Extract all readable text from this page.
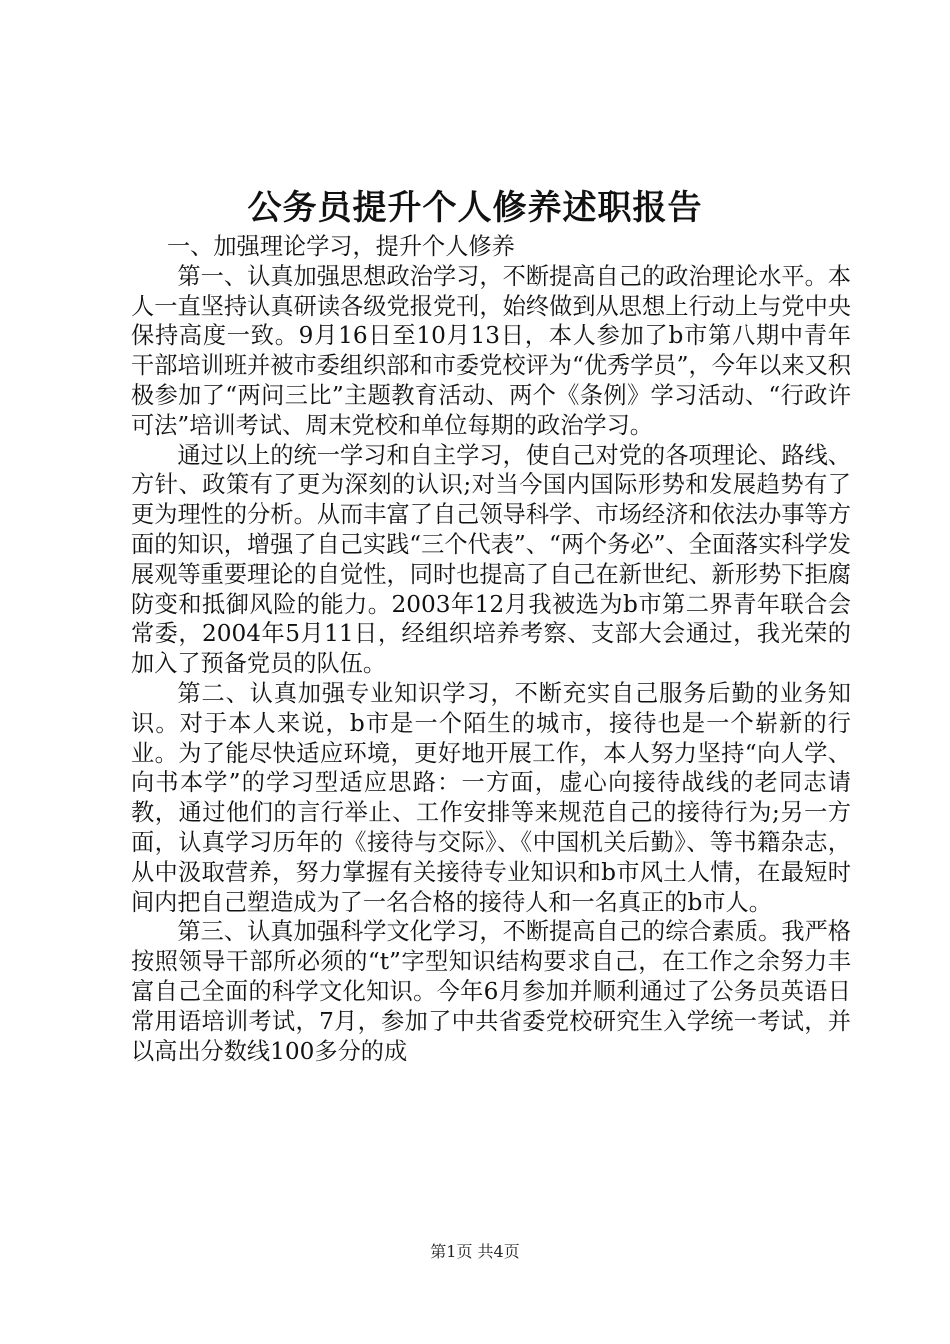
公务员提升个人修养述职报告

一、加强理论学习，提升个人修养

第一、认真加强思想政治学习，不断提高自己的政治理论水平。本人一直坚持认真研读各级党报党刊，始终做到从思想上行动上与党中央保持高度一致。9月16日至10月13日，本人参加了b市第八期中青年干部培训班并被市委组织部和市委党校评为“优秀学员”，今年以来又积极参加了“两问三比”主题教育活动、两个《条例》学习活动、“行政许可法”培训考试、周末党校和单位每期的政治学习。

通过以上的统一学习和自主学习，使自己对党的各项理论、路线、方针、政策有了更为深刻的认识;对当今国内国际形势和发展趋势有了更为理性的分析。从而丰富了自己领导科学、市场经济和依法办事等方面的知识，增强了自己实践“三个代表”、“两个务必”、全面落实科学发展观等重要理论的自觉性，同时也提高了自己在新世纪、新形势下拒腐防变和抵御风险的能力。2003年12月我被选为b市第二界青年联合会常委，2004年5月11日，经组织培养考察、支部大会通过，我光荣的加入了预备党员的队伍。

第二、认真加强专业知识学习，不断充实自己服务后勤的业务知识。对于本人来说，b市是一个陌生的城市，接待也是一个崭新的行业。为了能尽快适应环境，更好地开展工作，本人努力坚持“向人学、向书本学”的学习型适应思路：一方面，虚心向接待战线的老同志请教，通过他们的言行举止、工作安排等来规范自己的接待行为;另一方面，认真学习历年的《接待与交际》、《中国机关后勤》、等书籍杂志，从中汲取营养，努力掌握有关接待专业知识和b市风土人情，在最短时间内把自己塑造成为了一名合格的接待人和一名真正的b市人。

第三、认真加强科学文化学习，不断提高自己的综合素质。我严格按照领导干部所必须的“t”字型知识结构要求自己，在工作之余努力丰富自己全面的科学文化知识。今年6月参加并顺利通过了公务员英语日常用语培训考试，7月，参加了中共省委党校研究生入学统一考试，并以高出分数线100多分的成

第1页 共4页
